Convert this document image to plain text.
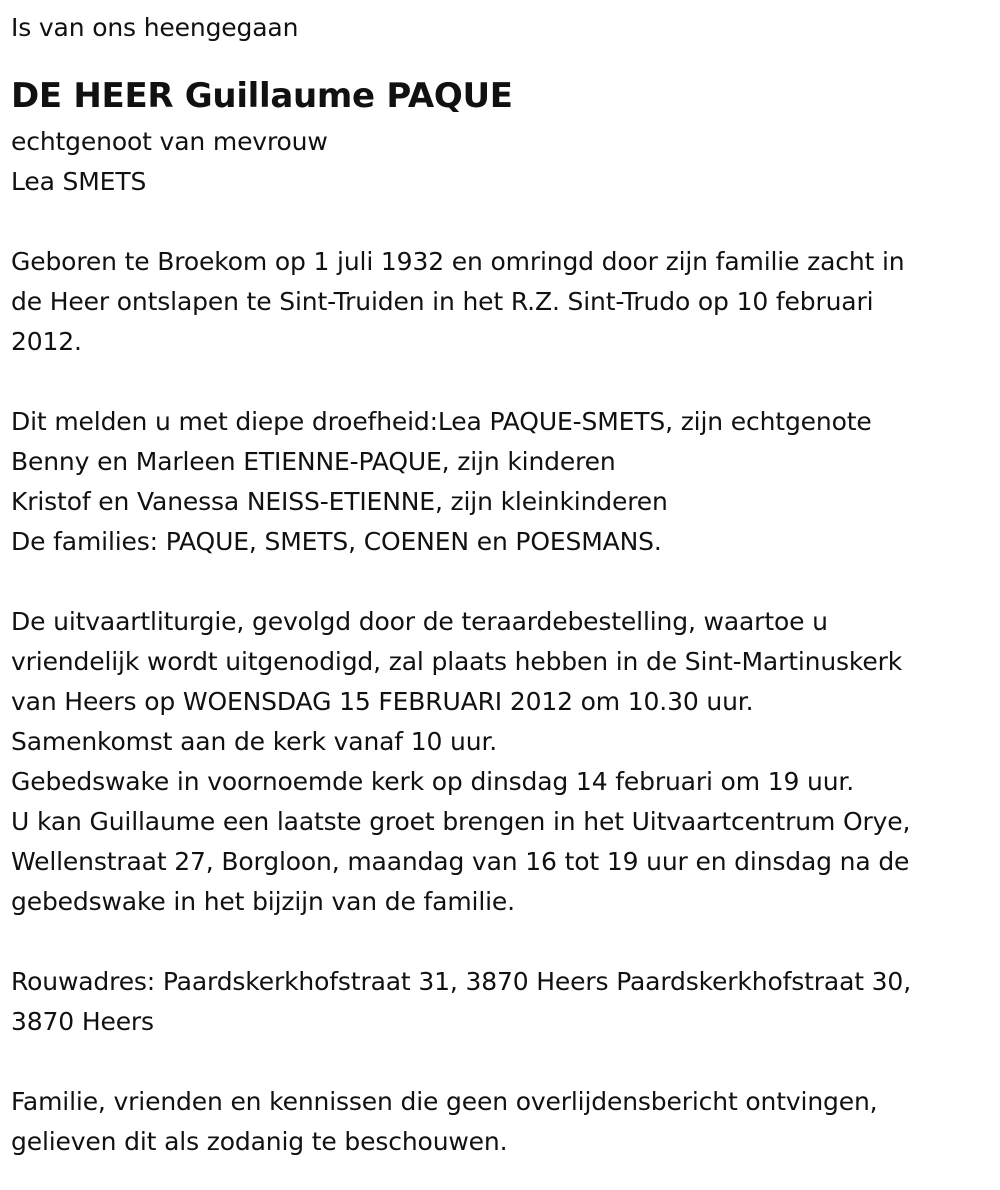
Is van ons heengegaan
DE HEER Guillaume PAQUE
echtgenoot van mevrouw
Lea SMETS
Geboren te Broekom op 1 juli 1932 en omringd door zijn familie zacht in
de Heer ontslapen te Sint-Truiden in het R.Z. Sint-Trudo op 10 februari
2012.
Dit melden u met diepe droefheid:Lea PAQUE-SMETS, zijn echtgenote
Benny en Marleen ETIENNE-PAQUE, zijn kinderen
Kristof en Vanessa NEISS-ETIENNE, zijn kleinkinderen
De families: PAQUE, SMETS, COENEN en POESMANS.
De uitvaartliturgie, gevolgd door de teraardebestelling, waartoe u
vriendelijk wordt uitgenodigd, zal plaats hebben in de Sint-Martinuskerk
van Heers op WOENSDAG 15 FEBRUARI 2012 om 10.30 uur.
Samenkomst aan de kerk vanaf 10 uur.
Gebedswake in voornoemde kerk op dinsdag 14 februari om 19 uur.
U kan Guillaume een laatste groet brengen in het Uitvaartcentrum Orye,
Wellenstraat 27, Borgloon, maandag van 16 tot 19 uur en dinsdag na de
gebedswake in het bijzijn van de familie.
Rouwadres: Paardskerkhofstraat 31, 3870 Heers Paardskerkhofstraat 30,
3870 Heers
Familie, vrienden en kennissen die geen overlijdensbericht ontvingen,
gelieven dit als zodanig te beschouwen.
